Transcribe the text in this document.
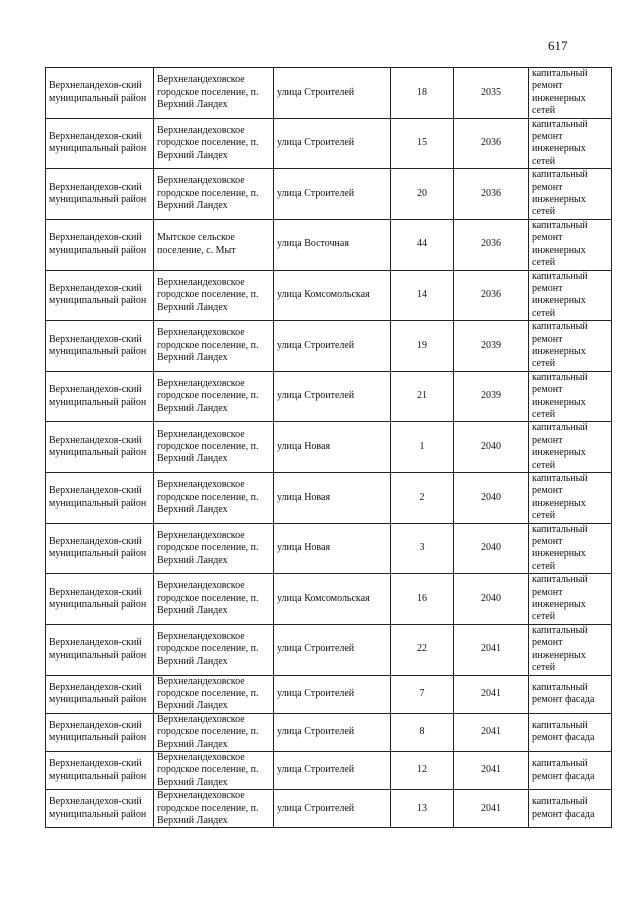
617
Верхнеландехов-ский муниципальный район	Верхнеландеховское городское поселение, п. Верхний Ландех	улица Строителей	18	2035	капитальный ремонт инженерных сетей
Верхнеландехов-ский муниципальный район	Верхнеландеховское городское поселение, п. Верхний Ландех	улица Строителей	15	2036	капитальный ремонт инженерных сетей
Верхнеландехов-ский муниципальный район	Верхнеландеховское городское поселение, п. Верхний Ландех	улица Строителей	20	2036	капитальный ремонт инженерных сетей
Верхнеландехов-ский муниципальный район	Мытское сельское поселение, с. Мыт	улица Восточная	44	2036	капитальный ремонт инженерных сетей
Верхнеландехов-ский муниципальный район	Верхнеландеховское городское поселение, п. Верхний Ландех	улица Комсомольская	14	2036	капитальный ремонт инженерных сетей
Верхнеландехов-ский муниципальный район	Верхнеландеховское городское поселение, п. Верхний Ландех	улица Строителей	19	2039	капитальный ремонт инженерных сетей
Верхнеландехов-ский муниципальный район	Верхнеландеховское городское поселение, п. Верхний Ландех	улица Строителей	21	2039	капитальный ремонт инженерных сетей
Верхнеландехов-ский муниципальный район	Верхнеландеховское городское поселение, п. Верхний Ландех	улица Новая	1	2040	капитальный ремонт инженерных сетей
Верхнеландехов-ский муниципальный район	Верхнеландеховское городское поселение, п. Верхний Ландех	улица Новая	2	2040	капитальный ремонт инженерных сетей
Верхнеландехов-ский муниципальный район	Верхнеландеховское городское поселение, п. Верхний Ландех	улица Новая	3	2040	капитальный ремонт инженерных сетей
Верхнеландехов-ский муниципальный район	Верхнеландеховское городское поселение, п. Верхний Ландех	улица Комсомольская	16	2040	капитальный ремонт инженерных сетей
Верхнеландехов-ский муниципальный район	Верхнеландеховское городское поселение, п. Верхний Ландех	улица Строителей	22	2041	капитальный ремонт инженерных сетей
Верхнеландехов-ский муниципальный район	Верхнеландеховское городское поселение, п. Верхний Ландех	улица Строителей	7	2041	капитальный ремонт фасада
Верхнеландехов-ский муниципальный район	Верхнеландеховское городское поселение, п. Верхний Ландех	улица Строителей	8	2041	капитальный ремонт фасада
Верхнеландехов-ский муниципальный район	Верхнеландеховское городское поселение, п. Верхний Ландех	улица Строителей	12	2041	капитальный ремонт фасада
Верхнеландехов-ский муниципальный район	Верхнеландеховское городское поселение, п. Верхний Ландех	улица Строителей	13	2041	капитальный ремонт фасада
